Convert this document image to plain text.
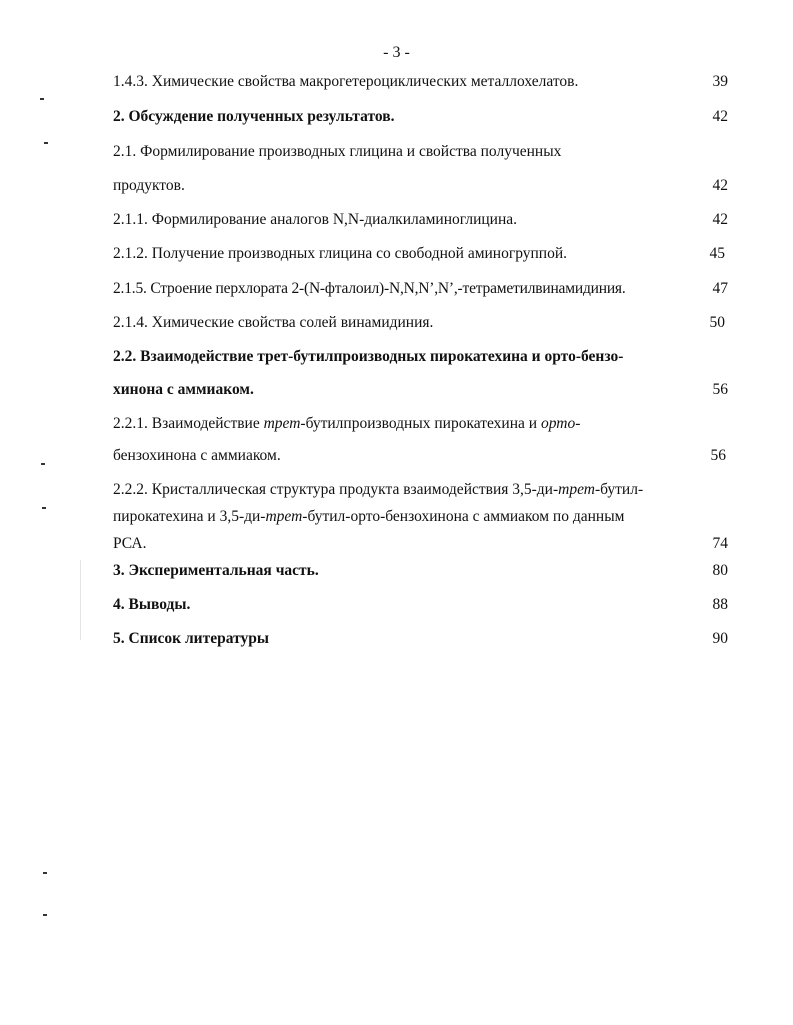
- 3 -
1.4.3. Химические свойства макрогетероциклических металлохелатов.	39
2. Обсуждение полученных результатов.	42
2.1. Формилирование производных глицина и свойства полученных
продуктов.	42
2.1.1. Формилирование аналогов N,N-диалкиламиноглицина.	42
2.1.2. Получение производных глицина со свободной аминогруппой.	45
2.1.5. Строение перхлората 2-(N-фталоил)-N,N,N’,N’,-тетраметилвинамидиния.	47
2.1.4. Химические свойства солей винамидиния.	50
2.2. Взаимодействие трет-бутилпроизводных пирокатехина и орто-бензо-
хинона с аммиаком.	56
2.2.1. Взаимодействие трет-бутилпроизводных пирокатехина и орто-
бензохинона с аммиаком.	56
2.2.2. Кристаллическая структура продукта взаимодействия 3,5-ди-трет-бутил-
пирокатехина и 3,5-ди-трет-бутил-орто-бензохинона с аммиаком по данным
РСА.	74
3. Экспериментальная часть.	80
4. Выводы.	88
5. Список литературы	90
